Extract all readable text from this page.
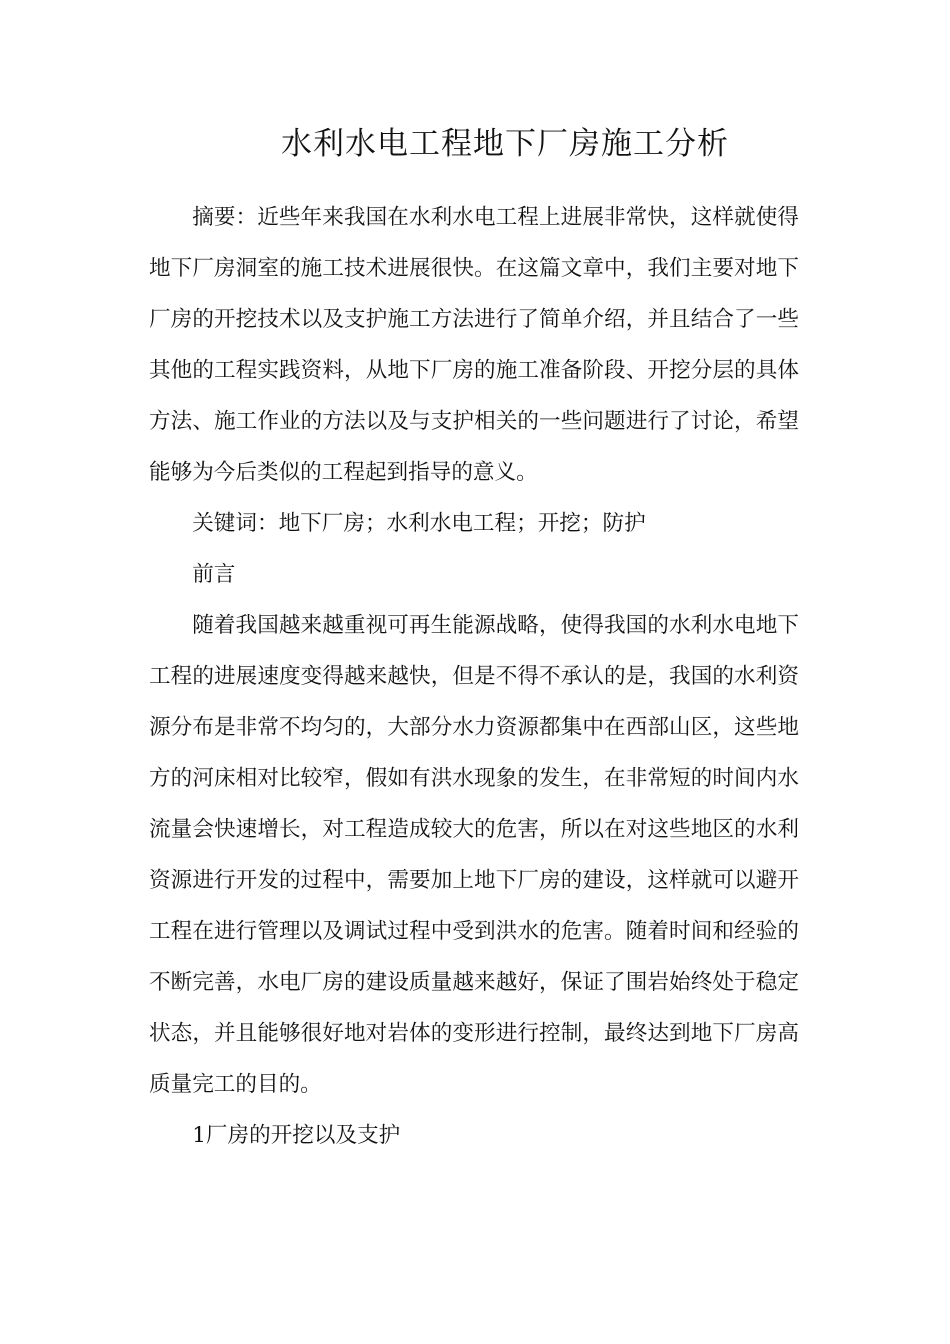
水利水电工程地下厂房施工分析

摘要：近些年来我国在水利水电工程上进展非常快，这样就使得地下厂房洞室的施工技术进展很快。在这篇文章中，我们主要对地下厂房的开挖技术以及支护施工方法进行了简单介绍，并且结合了一些其他的工程实践资料，从地下厂房的施工准备阶段、开挖分层的具体方法、施工作业的方法以及与支护相关的一些问题进行了讨论，希望能够为今后类似的工程起到指导的意义。

关键词：地下厂房；水利水电工程；开挖；防护

前言

随着我国越来越重视可再生能源战略，使得我国的水利水电地下工程的进展速度变得越来越快，但是不得不承认的是，我国的水利资源分布是非常不均匀的，大部分水力资源都集中在西部山区，这些地方的河床相对比较窄，假如有洪水现象的发生，在非常短的时间内水流量会快速增长，对工程造成较大的危害，所以在对这些地区的水利资源进行开发的过程中，需要加上地下厂房的建设，这样就可以避开工程在进行管理以及调试过程中受到洪水的危害。随着时间和经验的不断完善，水电厂房的建设质量越来越好，保证了围岩始终处于稳定状态，并且能够很好地对岩体的变形进行控制，最终达到地下厂房高质量完工的目的。

1厂房的开挖以及支护
